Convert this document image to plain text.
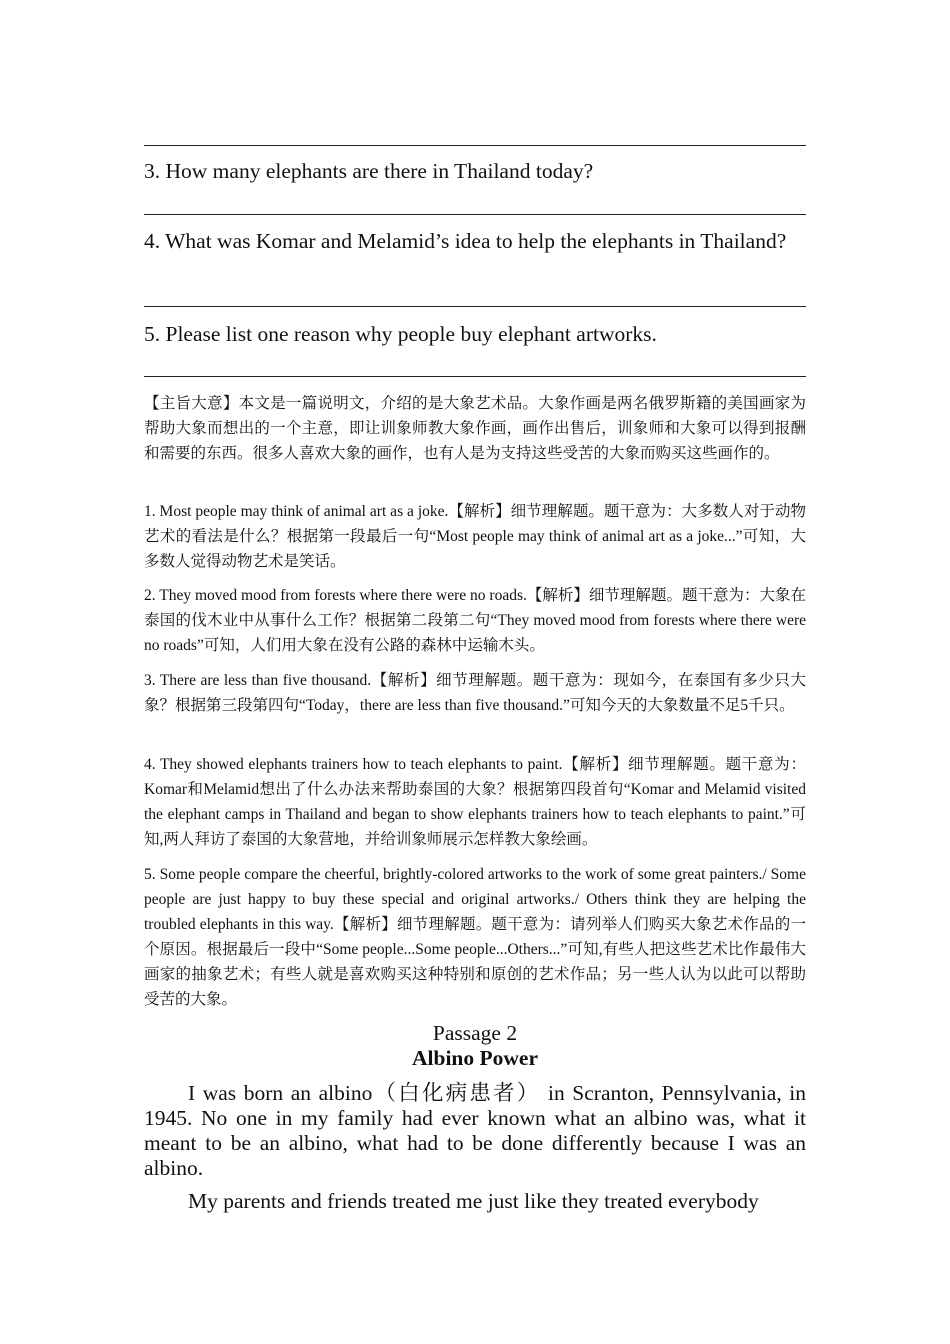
3. How many elephants are there in Thailand today?
4. What was Komar and Melamid’s idea to help the elephants in Thailand?
5. Please list one reason why people buy elephant artworks.

【主旨大意】本文是一篇说明文，介绍的是大象艺术品。大象作画是两名俄罗斯籍的美国画家为帮助大象而想出的一个主意，即让训象师教大象作画，画作出售后，训象师和大象可以得到报酬和需要的东西。很多人喜欢大象的画作，也有人是为支持这些受苦的大象而购买这些画作的。

1. Most people may think of animal art as a joke.【解析】细节理解题。题干意为：大多数人对于动物艺术的看法是什么？根据第一段最后一句“Most people may think of animal art as a joke...”可知，大多数人觉得动物艺术是笑话。

2. They moved mood from forests where there were no roads.【解析】细节理解题。题干意为：大象在泰国的伐木业中从事什么工作？根据第二段第二句“They moved mood from forests where there were no roads”可知，人们用大象在没有公路的森林中运输木头。

3. There are less than five thousand.【解析】细节理解题。题干意为：现如今，在泰国有多少只大象？根据第三段第四句“Today，there are less than five thousand.”可知今天的大象数量不足5千只。

4. They showed elephants trainers how to teach elephants to paint.【解析】细节理解题。题干意为：Komar和Melamid想出了什么办法来帮助泰国的大象？根据第四段首句“Komar and Melamid visited the elephant camps in Thailand and began to show elephants trainers how to teach elephants to paint.”可知,两人拜访了泰国的大象营地，并给训象师展示怎样教大象绘画。

5. Some people compare the cheerful, brightly-colored artworks to the work of some great painters./ Some people are just happy to buy these special and original artworks./ Others think they are helping the troubled elephants in this way.【解析】细节理解题。题干意为：请列举人们购买大象艺术作品的一个原因。根据最后一段中“Some people...Some people...Others...”可知,有些人把这些艺术比作最伟大画家的抽象艺术；有些人就是喜欢购买这种特别和原创的艺术作品；另一些人认为以此可以帮助受苦的大象。

Passage 2
Albino Power

I was born an albino（白化病患者） in Scranton, Pennsylvania, in 1945. No one in my family had ever known what an albino was, what it meant to be an albino, what had to be done differently because I was an albino.

My parents and friends treated me just like they treated everybody
